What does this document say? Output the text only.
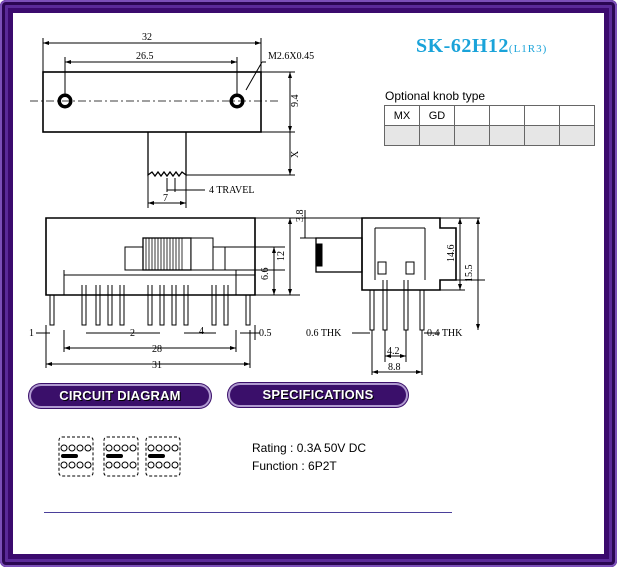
SK-62H12(L1R3)
Optional knob type
MX	GD				

32
26.5	M2.6X0.45
9.4
X
7
4 TRAVEL
1	2	4	0.5
28
31
6.6
12
3.8
14.6
15.5
0.6 THK	0.4 THK
4.2
8.8
CIRCUIT DIAGRAM	SPECIFICATIONS
Rating : 0.3A 50V DC
Function : 6P2T
